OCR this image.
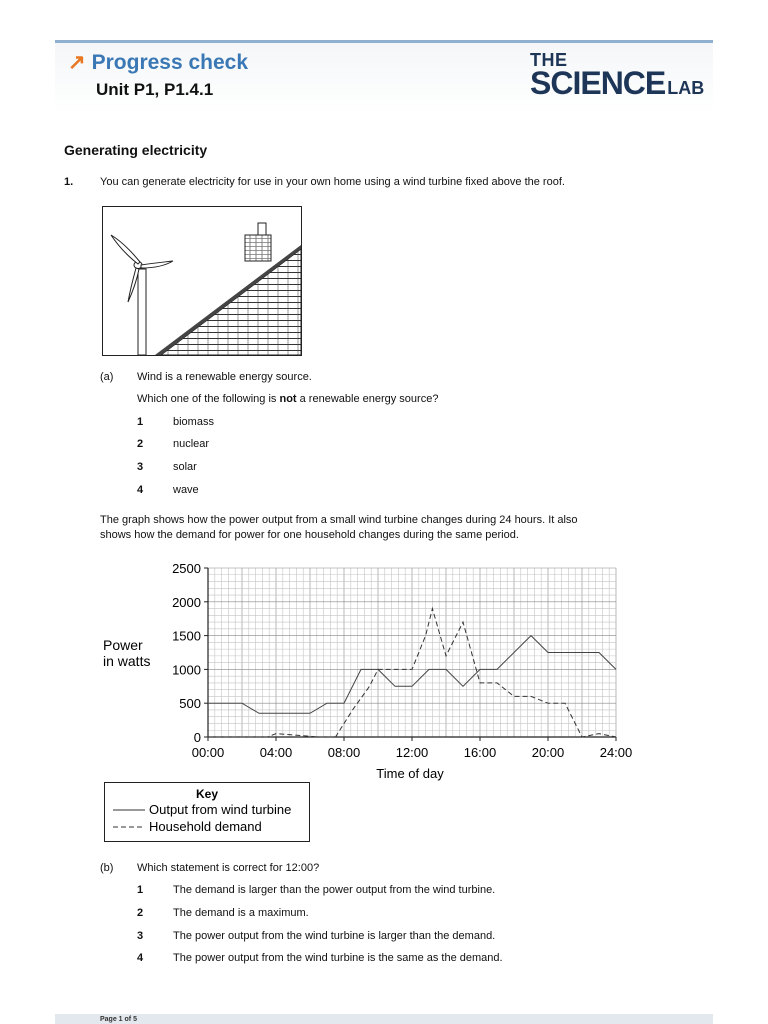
↗ Progress check
Unit P1, P1.4.1
THE
SCIENCE LAB
Generating electricity
1. You can generate electricity for use in your own home using a wind turbine fixed above the roof.
(a) Wind is a renewable energy source.
Which one of the following is not a renewable energy source?
1	biomass
2	nuclear
3	solar
4	wave
The graph shows how the power output from a small wind turbine changes during 24 hours. It also
shows how the demand for power for one household changes during the same period.
0
500
1000
1500
2000
2500
00:00	04:00	08:00	12:00	16:00	20:00	24:00
Power
in watts
Time of day
Key
Output from wind turbine
Household demand
(b) Which statement is correct for 12:00?
1	The demand is larger than the power output from the wind turbine.
2	The demand is a maximum.
3	The power output from the wind turbine is larger than the demand.
4	The power output from the wind turbine is the same as the demand.
Page 1 of 5
